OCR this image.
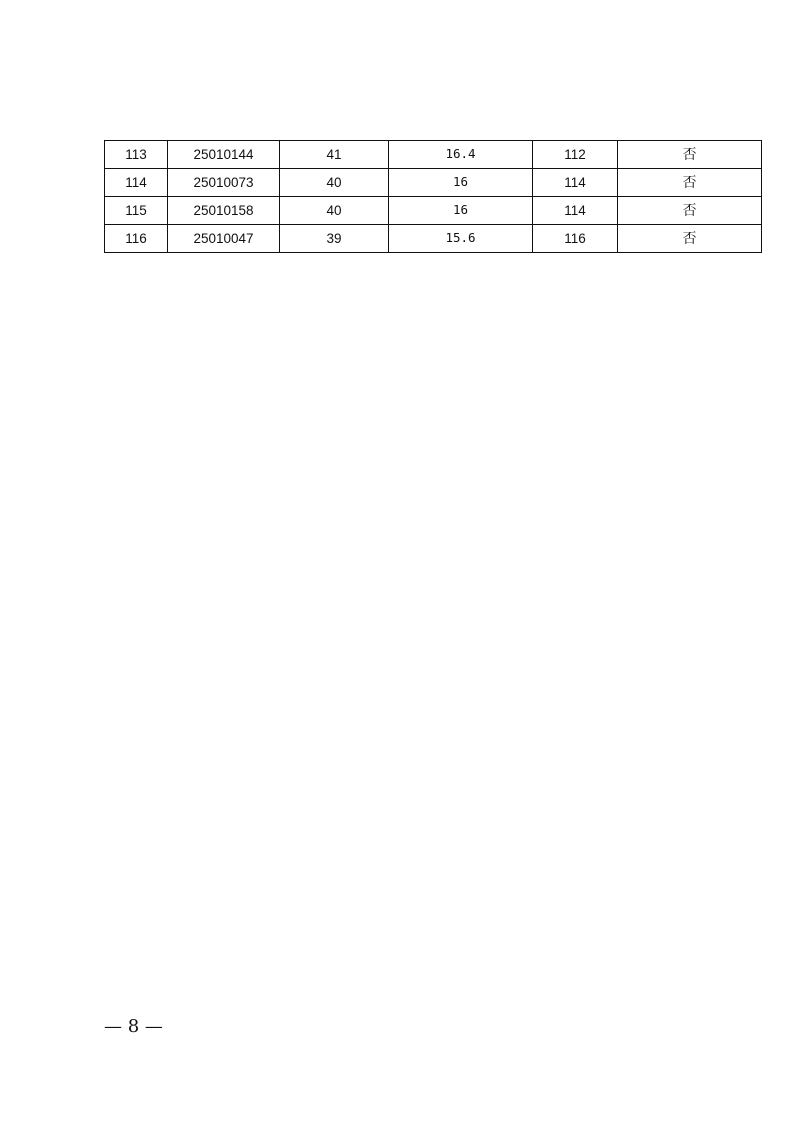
113	25010144	41	16.4	112	否
114	25010073	40	16	114	否
115	25010158	40	16	114	否
116	25010047	39	15.6	116	否
— 8 —
